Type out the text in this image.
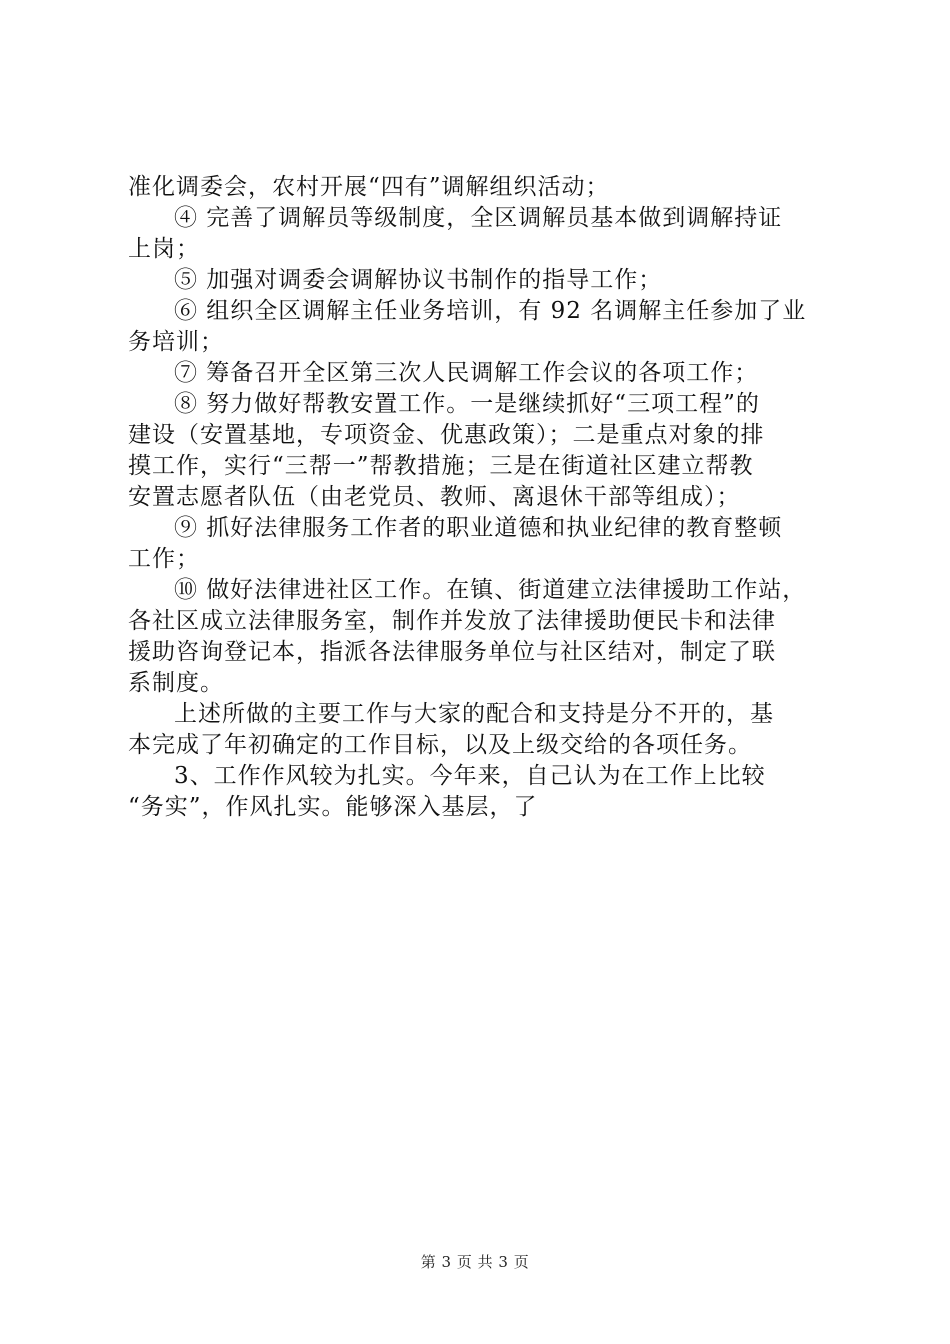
准化调委会，农村开展“四有”调解组织活动；
④ 完善了调解员等级制度，全区调解员基本做到调解持证
上岗；
⑤ 加强对调委会调解协议书制作的指导工作；
⑥ 组织全区调解主任业务培训，有 92 名调解主任参加了业
务培训；
⑦ 筹备召开全区第三次人民调解工作会议的各项工作；
⑧ 努力做好帮教安置工作。一是继续抓好“三项工程”的
建设（安置基地，专项资金、优惠政策）；二是重点对象的排
摸工作，实行“三帮一”帮教措施；三是在街道社区建立帮教
安置志愿者队伍（由老党员、教师、离退休干部等组成）；
⑨ 抓好法律服务工作者的职业道德和执业纪律的教育整顿
工作；
⑩ 做好法律进社区工作。在镇、街道建立法律援助工作站，
各社区成立法律服务室，制作并发放了法律援助便民卡和法律
援助咨询登记本，指派各法律服务单位与社区结对，制定了联
系制度。
上述所做的主要工作与大家的配合和支持是分不开的，基
本完成了年初确定的工作目标，以及上级交给的各项任务。
3、工作作风较为扎实。今年来，自己认为在工作上比较
“务实”，作风扎实。能够深入基层，了
第 3 页 共 3 页
